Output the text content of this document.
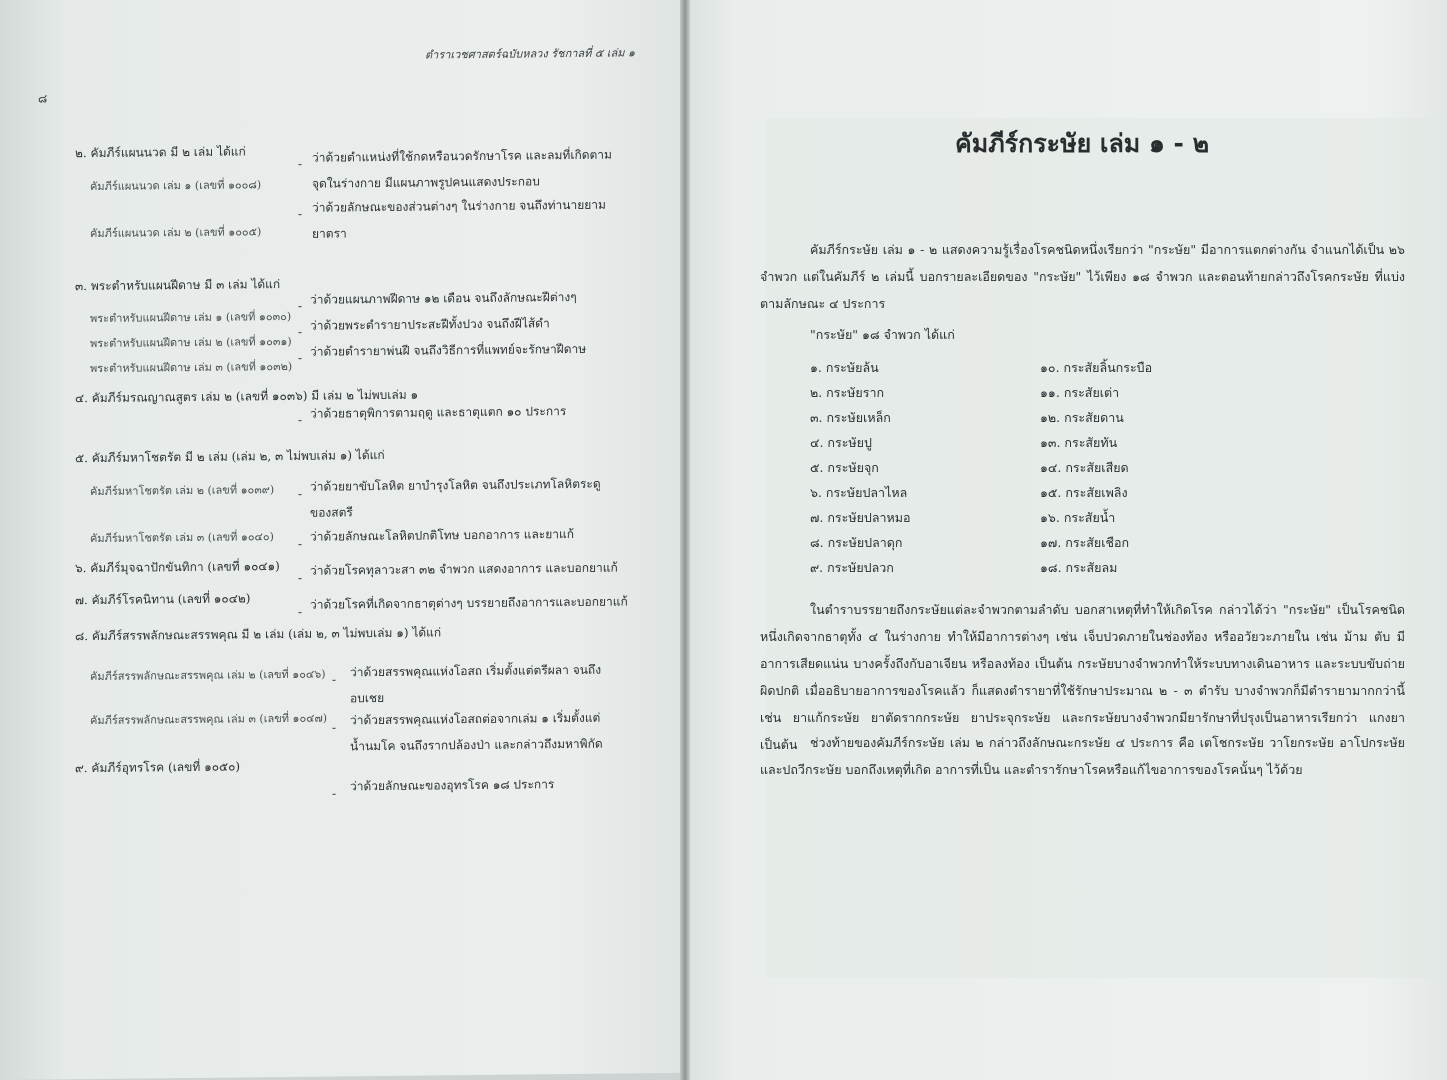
ตำราเวชศาสตร์ฉบับหลวง รัชกาลที่ ๕ เล่ม ๑
๘
๒. คัมภีร์แผนนวด มี ๒ เล่ม ได้แก่
คัมภีร์แผนนวด เล่ม ๑ (เลขที่ ๑๐๐๘)
- ว่าด้วยตำแหน่งที่ใช้กดหรือนวดรักษาโรค และลมที่เกิดตามจุดในร่างกาย มีแผนภาพรูปคนแสดงประกอบ
คัมภีร์แผนนวด เล่ม ๒ (เลขที่ ๑๐๐๕)
- ว่าด้วยลักษณะของส่วนต่างๆ ในร่างกาย จนถึงท่านายยามยาตรา
๓. พระตำหรับแผนฝีดาษ มี ๓ เล่ม ได้แก่
พระตำหรับแผนฝีดาษ เล่ม ๑ (เลขที่ ๑๐๓๐)
- ว่าด้วยแผนภาพฝีดาษ ๑๒ เดือน จนถึงลักษณะฝีต่างๆ
พระตำหรับแผนฝีดาษ เล่ม ๒ (เลขที่ ๑๐๓๑)
- ว่าด้วยพระตำรายาประสะฝีทั้งปวง จนถึงฝีไส้ดำ
พระตำหรับแผนฝีดาษ เล่ม ๓ (เลขที่ ๑๐๓๒)
- ว่าด้วยตำรายาพ่นฝี จนถึงวิธีการที่แพทย์จะรักษาฝีดาษ
๔. คัมภีร์มรณญาณสูตร เล่ม ๒ (เลขที่ ๑๐๓๖) มี เล่ม ๒ ไม่พบเล่ม ๑
- ว่าด้วยธาตุพิการตามฤดู และธาตุแตก ๑๐ ประการ
๕. คัมภีร์มหาโชตรัต มี ๒ เล่ม (เล่ม ๒, ๓ ไม่พบเล่ม ๑) ได้แก่
คัมภีร์มหาโชตรัต เล่ม ๒ (เลขที่ ๑๐๓๙) -
ว่าด้วยยาขับโลหิต ยาบำรุงโลหิต จนถึงประเภทโลหิตระดูของสตรี
คัมภีร์มหาโชตรัต เล่ม ๓ (เลขที่ ๑๐๔๐) -
ว่าด้วยลักษณะโลหิตปกติโทษ บอกอาการ และยาแก้
๖. คัมภีร์มุจฉาปักขันทิกา (เลขที่ ๑๐๔๑)
-
ว่าด้วยโรคทุลาวะสา ๓๒ จำพวก แสดงอาการ และบอกยาแก้
๗. คัมภีร์โรคนิทาน (เลขที่ ๑๐๔๒)
-
ว่าด้วยโรคที่เกิดจากธาตุต่างๆ บรรยายถึงอาการและบอกยาแก้
๘. คัมภีร์สรรพลักษณะสรรพคุณ มี ๒ เล่ม (เล่ม ๒, ๓ ไม่พบเล่ม ๑) ได้แก่
คัมภีร์สรรพลักษณะสรรพคุณ เล่ม ๒ (เลขที่ ๑๐๔๖) -
ว่าด้วยสรรพคุณแห่งโอสถ เริ่มตั้งแต่ตรีผลา จนถึงอบเชย
คัมภีร์สรรพลักษณะสรรพคุณ เล่ม ๓ (เลขที่ ๑๐๔๗)
-
ว่าด้วยสรรพคุณแห่งโอสถต่อจากเล่ม ๑ เริ่มตั้งแต่น้ำนมโค จนถึงรากปล้องป่า และกล่าวถึงมหาพิกัด
๙. คัมภีร์อุทรโรค (เลขที่ ๑๐๕๐)
-
ว่าด้วยลักษณะของอุทรโรค ๑๘ ประการ
คัมภีร์กระษัย เล่ม ๑ - ๒
คัมภีร์กระษัย เล่ม ๑ - ๒ แสดงความรู้เรื่องโรคชนิดหนึ่งเรียกว่า "กระษัย" มีอาการแตกต่างกัน จำแนกได้เป็น ๒๖ จำพวก แต่ในคัมภีร์ ๒ เล่มนี้ บอกรายละเอียดของ "กระษัย" ไว้เพียง ๑๘ จำพวก และตอนท้ายกล่าวถึงโรคกระษัย ที่แบ่งตามลักษณะ ๔ ประการ
"กระษัย" ๑๘ จำพวก ได้แก่
๑. กระษัยล้น
๒. กระษัยราก
๓. กระษัยเหล็ก
๔. กระษัยปู
๕. กระษัยจุก
๖. กระษัยปลาไหล
๗. กระษัยปลาหมอ
๘. กระษัยปลาดุก
๙. กระษัยปลวก
๑๐. กระสัยลิ้นกระบือ
๑๑. กระสัยเต่า
๑๒. กระสัยดาน
๑๓. กระสัยทัน
๑๔. กระสัยเสียด
๑๕. กระสัยเพลิง
๑๖. กระสัยน้ำ
๑๗. กระสัยเชือก
๑๘. กระสัยลม
ในตำราบรรยายถึงกระษัยแต่ละจำพวกตามลำดับ บอกสาเหตุที่ทำให้เกิดโรค กล่าวได้ว่า "กระษัย" เป็นโรคชนิดหนึ่งเกิดจากธาตุทั้ง ๔ ในร่างกาย ทำให้มีอาการต่างๆ เช่น เจ็บปวดภายในช่องท้อง หรืออวัยวะภายใน เช่น ม้าม ตับ มีอาการเสียดแน่น บางครั้งถึงกับอาเจียน หรือลงท้อง เป็นต้น กระษัยบางจำพวกทำให้ระบบทางเดินอาหาร และระบบขับถ่ายผิดปกติ เมื่ออธิบายอาการของโรคแล้ว ก็แสดงตำรายาที่ใช้รักษาประมาณ ๒ - ๓ ตำรับ บางจำพวกก็มีตำรายามากกว่านี้ เช่น ยาแก้กระษัย ยาตัดรากกระษัย ยาประจุกระษัย และกระษัยบางจำพวกมียารักษาที่ปรุงเป็นอาหารเรียกว่า แกงยา เป็นต้น	ช่วงท้ายของคัมภีร์กระษัย เล่ม ๒ กล่าวถึงลักษณะกระษัย ๔ ประการ คือ เตโชกระษัย วาโยกระษัย อาโปกระษัย และปถวีกระษัย บอกถึงเหตุที่เกิด อาการที่เป็น และตำรารักษาโรคหรือแก้ไขอาการของโรคนั้นๆ ไว้ด้วย
